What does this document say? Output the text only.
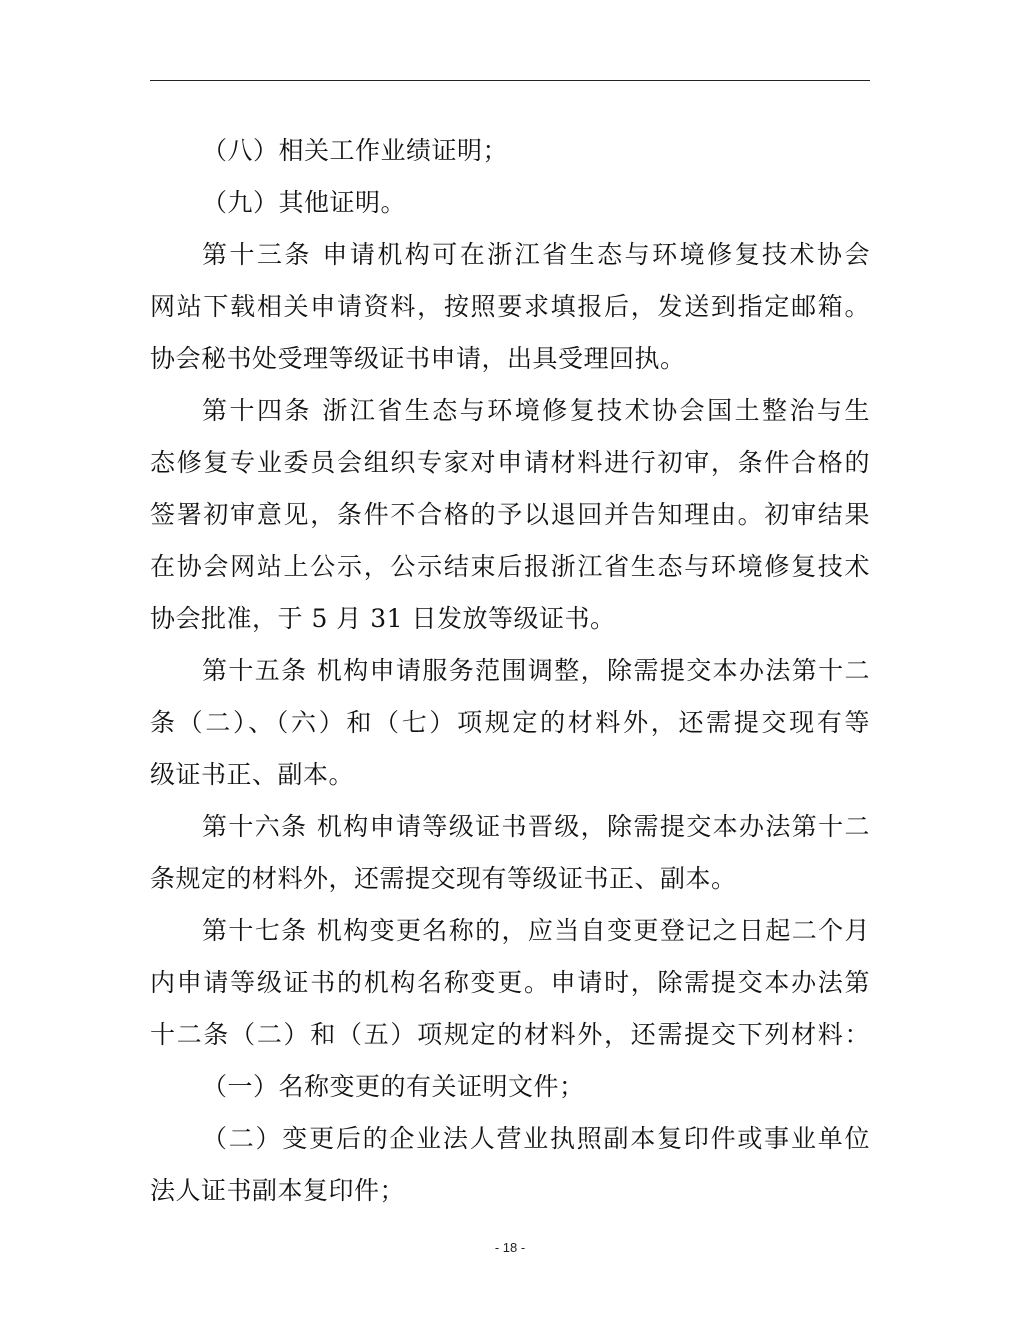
（八）相关工作业绩证明；
（九）其他证明。
第十三条 申请机构可在浙江省生态与环境修复技术协会
网站下载相关申请资料，按照要求填报后，发送到指定邮箱。
协会秘书处受理等级证书申请，出具受理回执。
第十四条 浙江省生态与环境修复技术协会国土整治与生
态修复专业委员会组织专家对申请材料进行初审，条件合格的
签署初审意见，条件不合格的予以退回并告知理由。初审结果
在协会网站上公示，公示结束后报浙江省生态与环境修复技术
协会批准，于 5 月 31 日发放等级证书。
第十五条 机构申请服务范围调整，除需提交本办法第十二
条（二）、（六）和（七）项规定的材料外，还需提交现有等
级证书正、副本。
第十六条 机构申请等级证书晋级，除需提交本办法第十二
条规定的材料外，还需提交现有等级证书正、副本。
第十七条 机构变更名称的，应当自变更登记之日起二个月
内申请等级证书的机构名称变更。申请时，除需提交本办法第
十二条（二）和（五）项规定的材料外，还需提交下列材料：
（一）名称变更的有关证明文件；
（二）变更后的企业法人营业执照副本复印件或事业单位
法人证书副本复印件；
- 18 -
